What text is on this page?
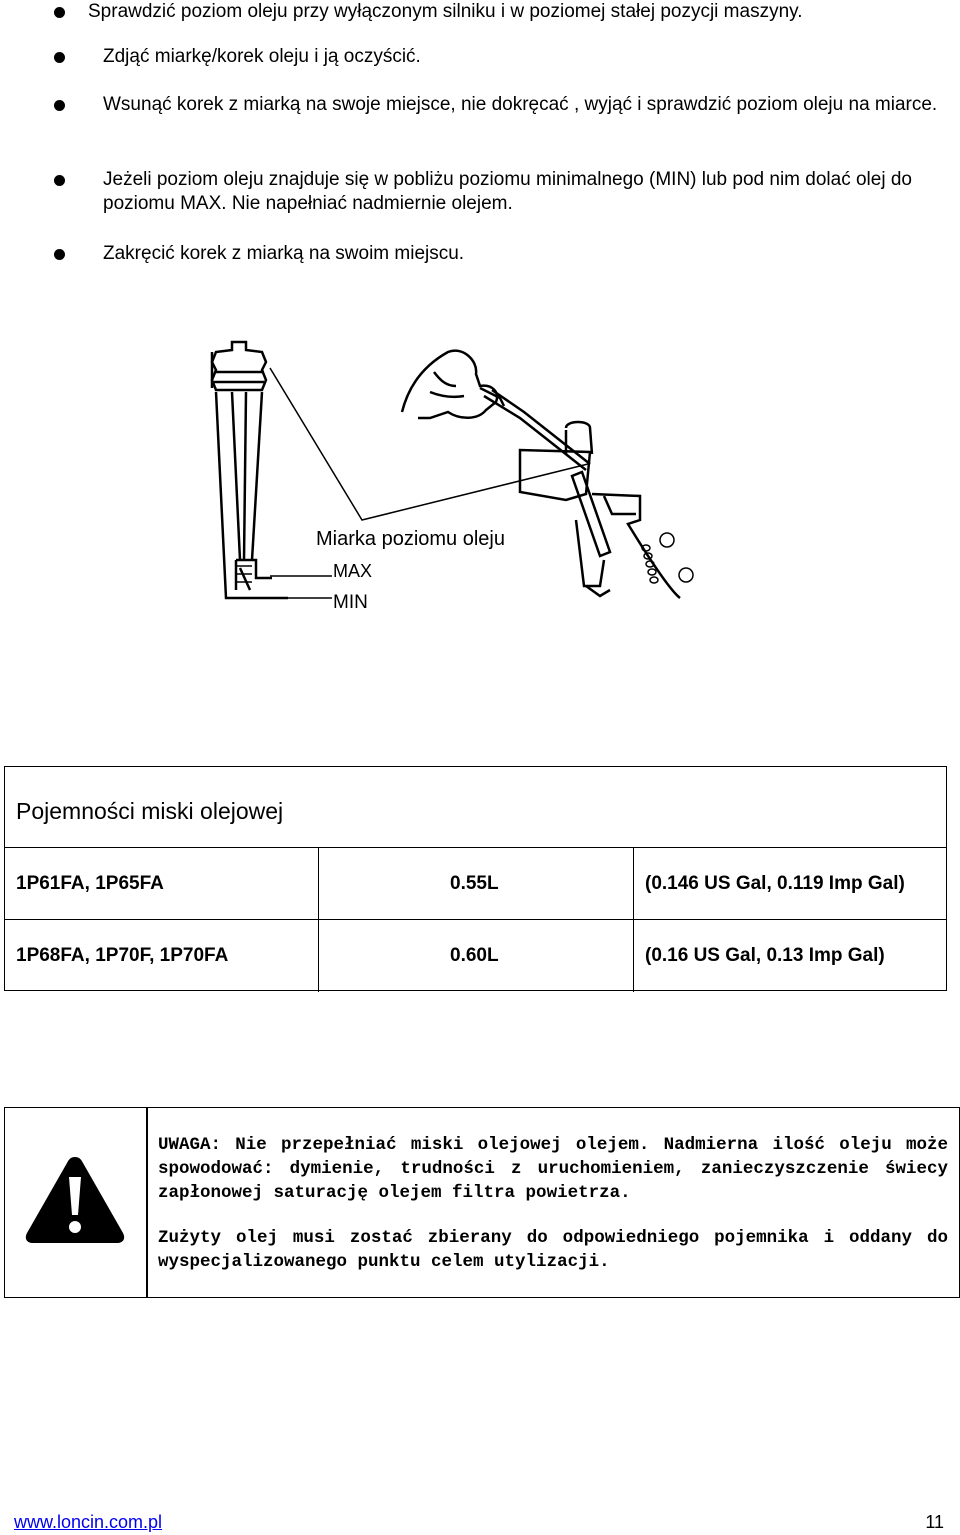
Sprawdzić poziom oleju przy wyłączonym silniku i w poziomej stałej pozycji maszyny.
Zdjąć miarkę/korek oleju i ją oczyścić.
Wsunąć korek z miarką na swoje miejsce, nie dokręcać , wyjąć i sprawdzić poziom oleju na miarce.
Jeżeli poziom oleju znajduje się w pobliżu poziomu minimalnego (MIN) lub pod nim dolać olej do poziomu MAX. Nie napełniać nadmiernie olejem.
Zakręcić korek z miarką na swoim miejscu.
Miarka poziomu oleju
MAX
MIN
Pojemności miski olejowej
1P61FA, 1P65FA	0.55L	(0.146 US Gal, 0.119 Imp Gal)
1P68FA, 1P70F, 1P70FA	0.60L	(0.16 US Gal, 0.13 Imp Gal)
UWAGA: Nie przepełniać miski olejowej olejem. Nadmierna ilość oleju może spowodować: dymienie, trudności z uruchomieniem, zanieczyszczenie świecy zapłonowej saturację olejem filtra powietrza.
Zużyty olej musi zostać zbierany do odpowiedniego pojemnika i oddany do wyspecjalizowanego punktu celem utylizacji.
www.loncin.com.pl	11
